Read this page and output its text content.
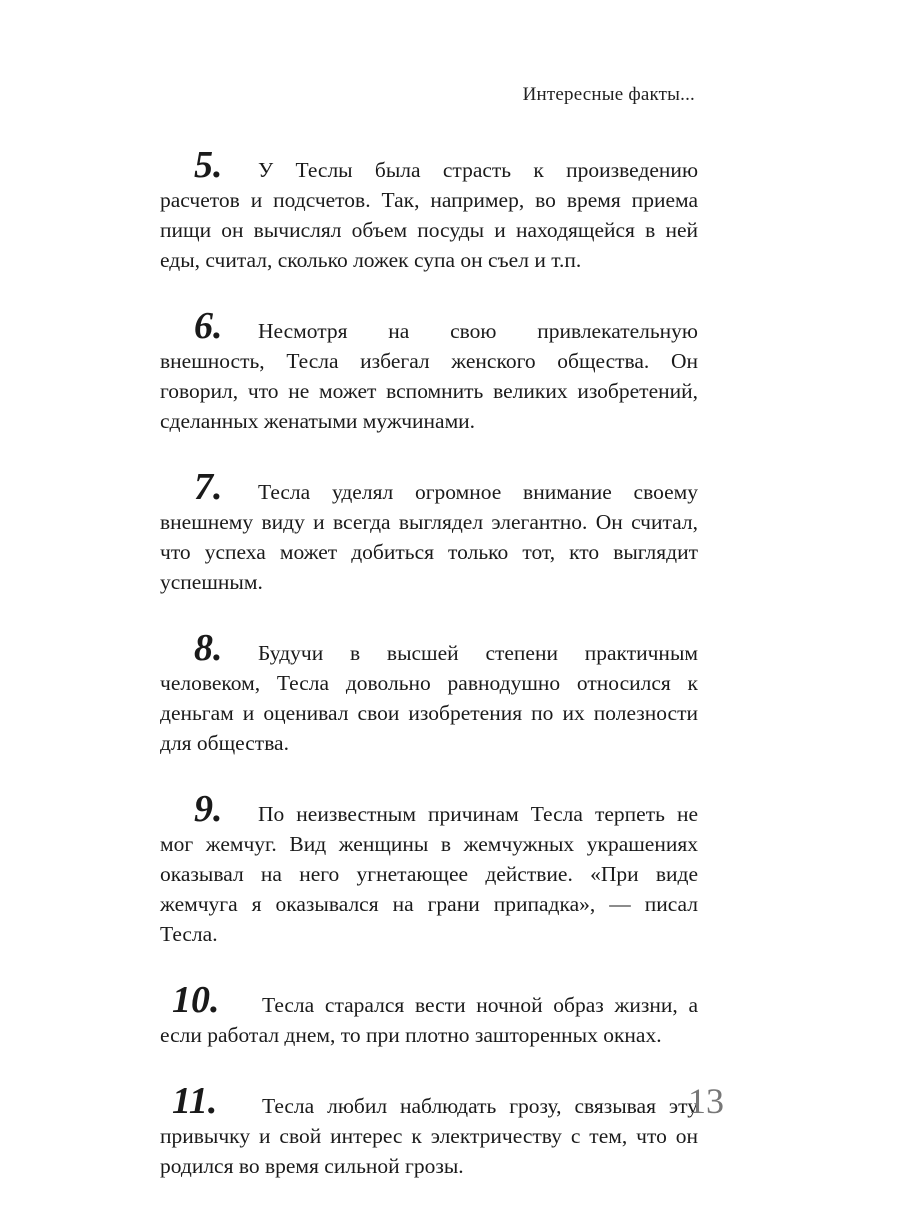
Интересные факты...

5. У Теслы была страсть к произведению расчетов и подсчетов. Так, например, во время приема пищи он вычислял объем посуды и находящейся в ней еды, считал, сколько ложек супа он съел и т.п.

6. Несмотря на свою привлекательную внешность, Тесла избегал женского общества. Он говорил, что не может вспомнить великих изобретений, сделанных женатыми мужчинами.

7. Тесла уделял огромное внимание своему внешнему виду и всегда выглядел элегантно. Он считал, что успеха может добиться только тот, кто выглядит успешным.

8. Будучи в высшей степени практичным человеком, Тесла довольно равнодушно относился к деньгам и оценивал свои изобретения по их полезности для общества.

9. По неизвестным причинам Тесла терпеть не мог жемчуг. Вид женщины в жемчужных украшениях оказывал на него угнетающее действие. «При виде жемчуга я оказывался на грани припадка», — писал Тесла.

10. Тесла старался вести ночной образ жизни, а если работал днем, то при плотно зашторенных окнах.

11. Тесла любил наблюдать грозу, связывая эту привычку и свой интерес к электричеству с тем, что он родился во время сильной грозы.

13
